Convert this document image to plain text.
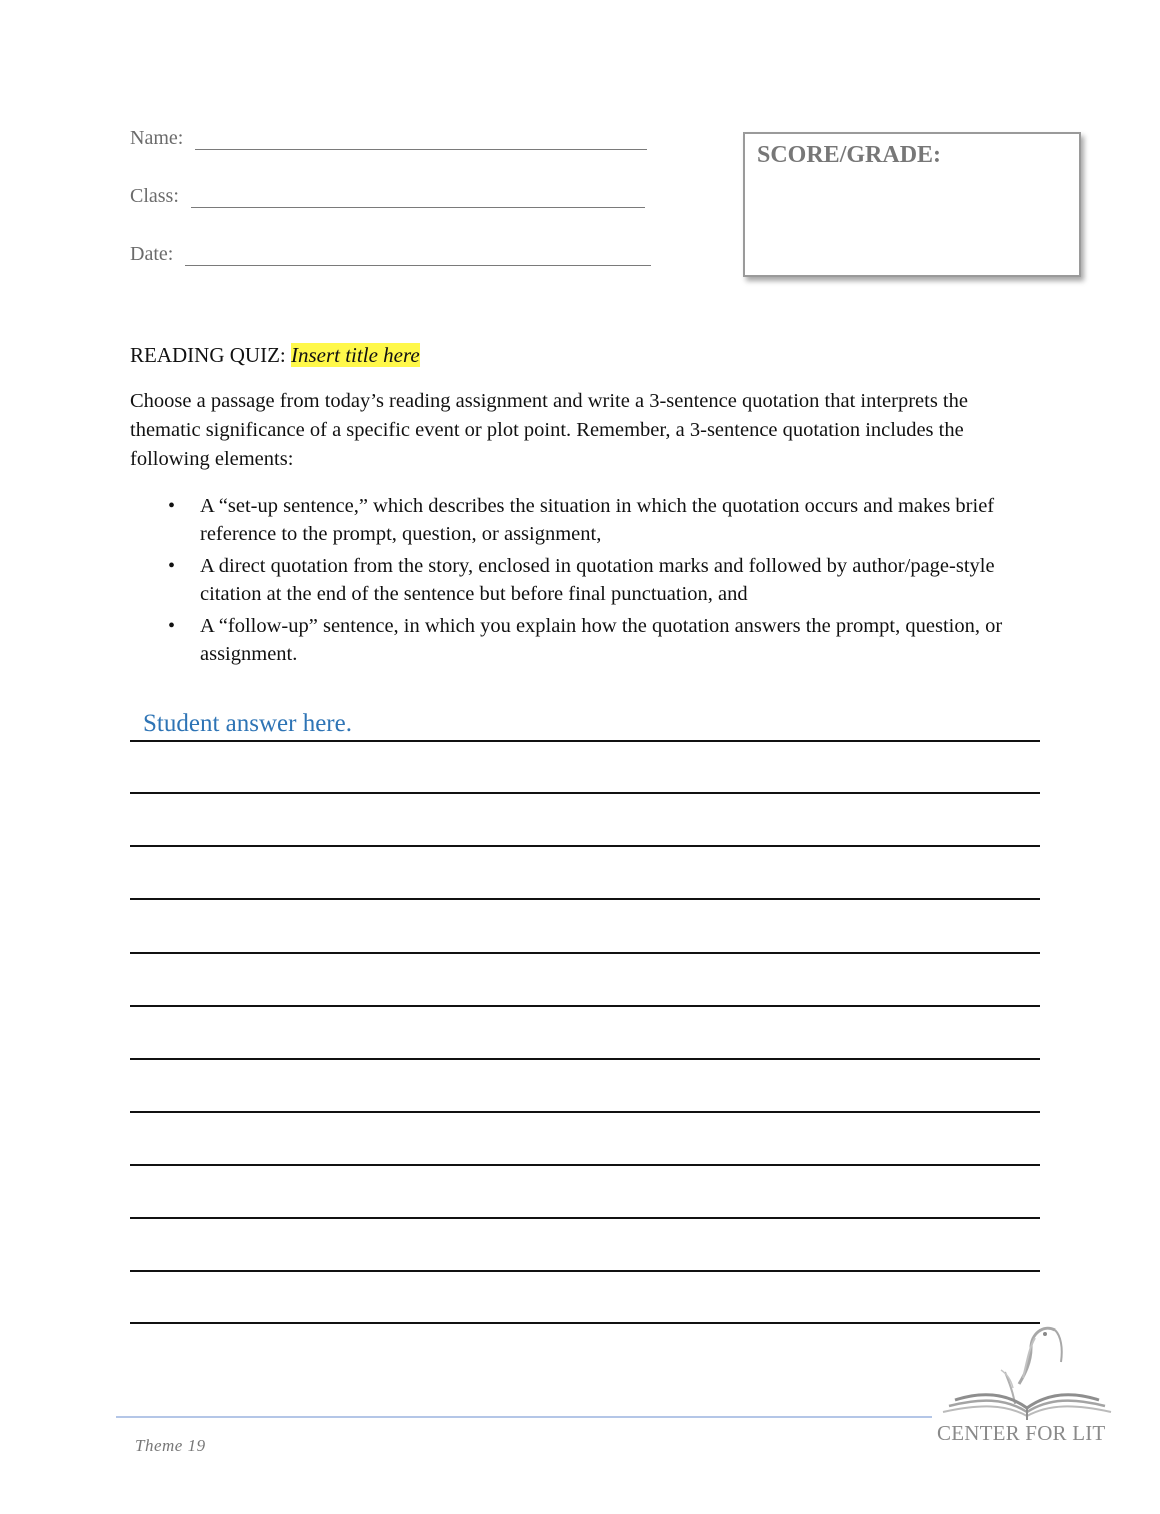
Name:
Class:
Date:
SCORE/GRADE:
READING QUIZ: Insert title here

Choose a passage from today’s reading assignment and write a 3-sentence quotation that interprets the thematic significance of a specific event or plot point. Remember, a 3-sentence quotation includes the following elements:

• A “set-up sentence,” which describes the situation in which the quotation occurs and makes brief reference to the prompt, question, or assignment,
• A direct quotation from the story, enclosed in quotation marks and followed by author/page-style citation at the end of the sentence but before final punctuation, and
• A “follow-up” sentence, in which you explain how the quotation answers the prompt, question, or assignment.
Student answer here.
Theme 19
CENTER FOR LIT
